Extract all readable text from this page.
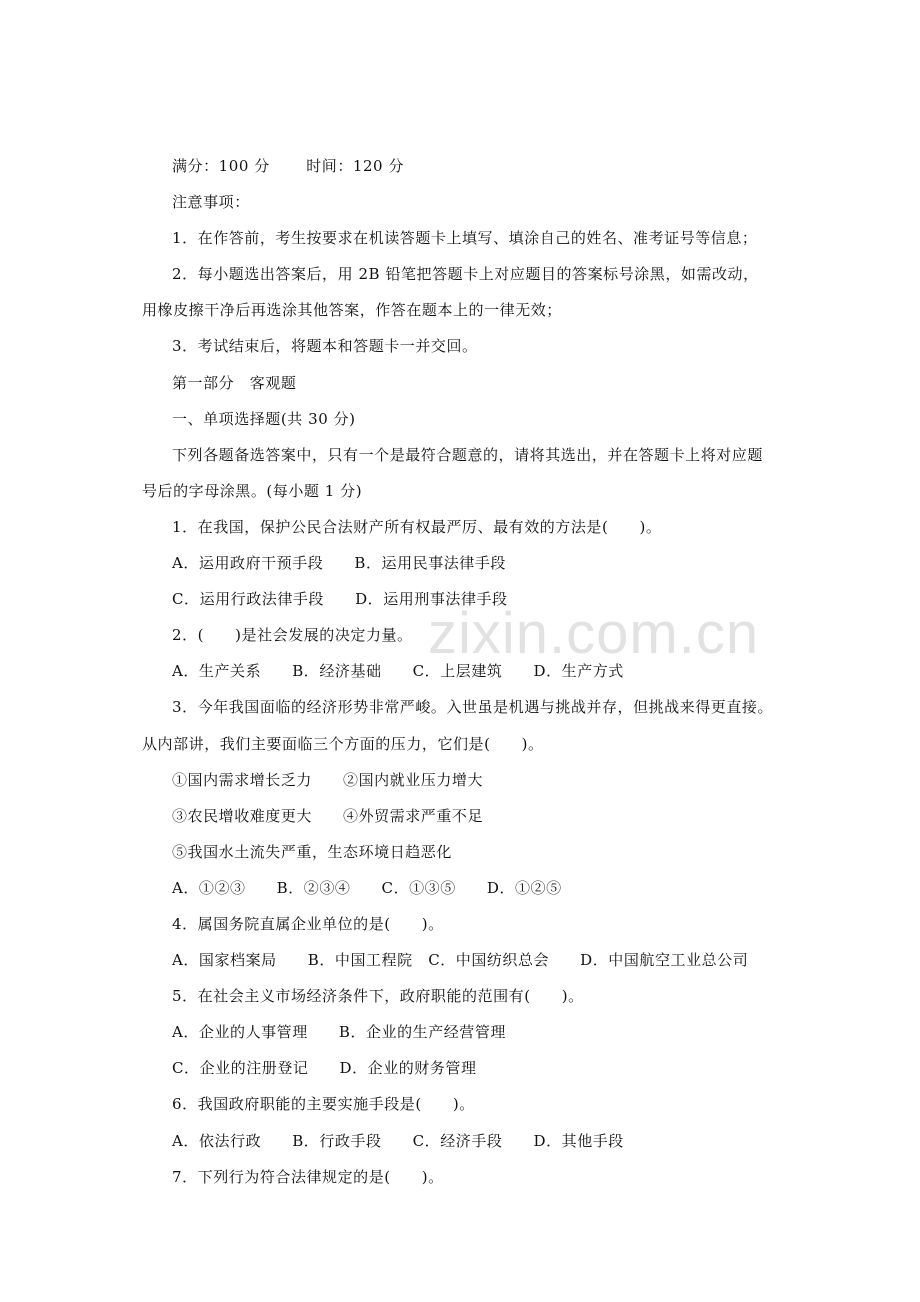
满分：100 分　　 时间：120 分
注意事项：
1．在作答前，考生按要求在机读答题卡上填写、填涂自己的姓名、准考证号等信息；
2．每小题选出答案后，用 2B 铅笔把答题卡上对应题目的答案标号涂黑，如需改动，
用橡皮擦干净后再选涂其他答案，作答在题本上的一律无效；
3．考试结束后，将题本和答题卡一并交回。
第一部分　客观题
一、单项选择题(共 30 分)
下列各题备选答案中，只有一个是最符合题意的，请将其选出，并在答题卡上将对应题
号后的字母涂黑。(每小题 1 分)
1．在我国，保护公民合法财产所有权最严厉、最有效的方法是(　　)。
A．运用政府干预手段　　B．运用民事法律手段
C．运用行政法律手段　　D．运用刑事法律手段
2．(　　)是社会发展的决定力量。
A．生产关系　　B．经济基础　　C．上层建筑　　D．生产方式
3．今年我国面临的经济形势非常严峻。入世虽是机遇与挑战并存，但挑战来得更直接。
从内部讲，我们主要面临三个方面的压力，它们是(　　)。
①国内需求增长乏力　　②国内就业压力增大
③农民增收难度更大　　④外贸需求严重不足
⑤我国水土流失严重，生态环境日趋恶化
A．①②③　　B．②③④　　C．①③⑤　　D．①②⑤
4．属国务院直属企业单位的是(　　)。
A．国家档案局　　B．中国工程院　C．中国纺织总会　　D．中国航空工业总公司
5．在社会主义市场经济条件下，政府职能的范围有(　　)。
A．企业的人事管理　　B．企业的生产经营管理
C．企业的注册登记　　D．企业的财务管理
6．我国政府职能的主要实施手段是(　　)。
A．依法行政　　B．行政手段　　C．经济手段　　D．其他手段
7．下列行为符合法律规定的是(　　)。
zixin.com.cn
